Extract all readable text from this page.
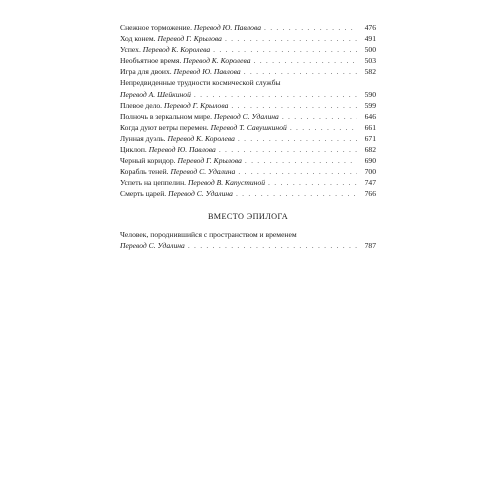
Снежное торможение. Перевод Ю. Павлова . . .	476
Ход конем. Перевод Г. Крылова . . .	491
Успех. Перевод К. Королева . . .	500
Необъятное время. Перевод К. Королева . . .	503
Игра для двоих. Перевод Ю. Павлова . . .	582
Непредвиденные трудности космической службы
Перевод А. Шейкиной . . .	590
Плевое дело. Перевод Г. Крылова . . .	599
Полночь в зеркальном мире. Перевод С. Удалина . . .	646
Когда дуют ветры перемен. Перевод Т. Савушкиной . . .	661
Лунная дуэль. Перевод К. Королева . . .	671
Циклоп. Перевод Ю. Павлова . . .	682
Черный коридор. Перевод Г. Крылова . . .	690
Корабль теней. Перевод С. Удалина . . .	700
Успеть на цеппелин. Перевод В. Капустиной . . .	747
Смерть царей. Перевод С. Удалина . . .	766
ВМЕСТО ЭПИЛОГА
Человек, породнившийся с пространством и временем
Перевод С. Удалина . . .	787
